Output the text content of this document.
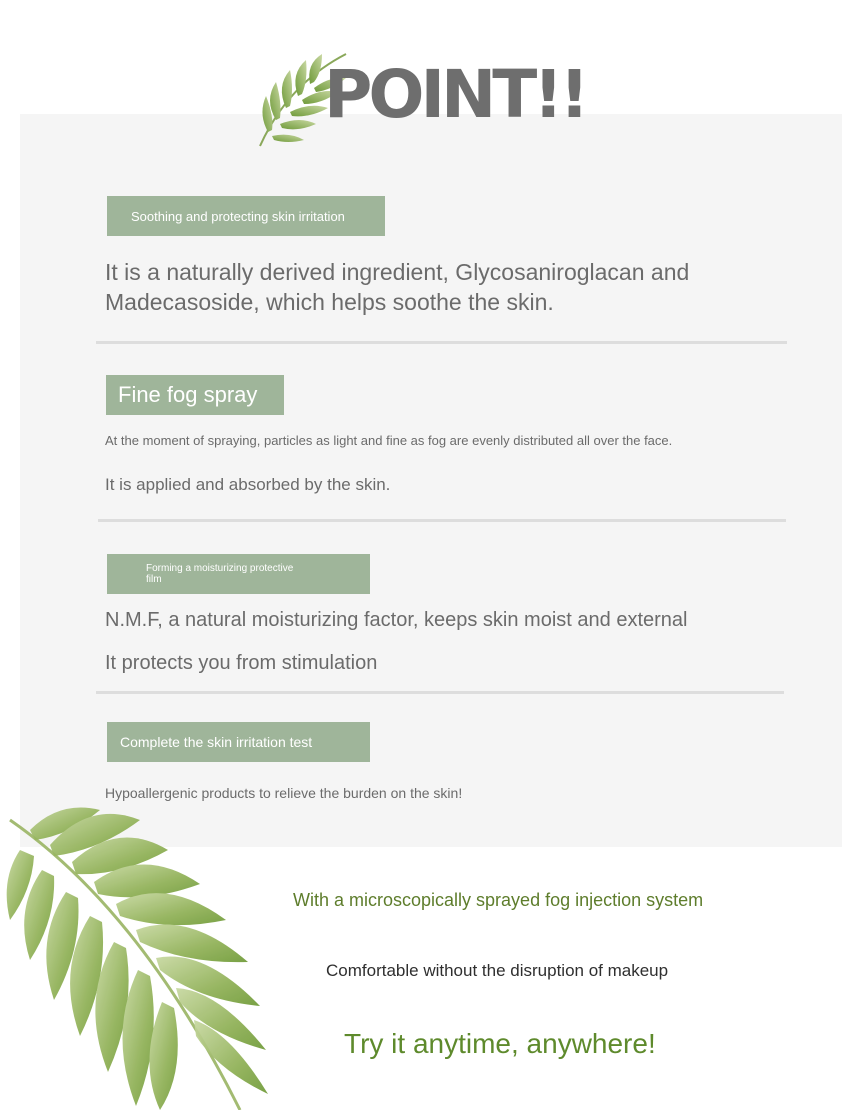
POINT!!
Soothing and protecting skin irritation
It is a naturally derived ingredient, Glycosaniroglacan and Madecasoside, which helps soothe the skin.
Fine fog spray
At the moment of spraying, particles as light and fine as fog are evenly distributed all over the face.
It is applied and absorbed by the skin.
Forming a moisturizing protective film
N.M.F, a natural moisturizing factor, keeps skin moist and external
It protects you from stimulation
Complete the skin irritation test
Hypoallergenic products to relieve the burden on the skin!
With a microscopically sprayed fog injection system
Comfortable without the disruption of makeup
Try it anytime, anywhere!
